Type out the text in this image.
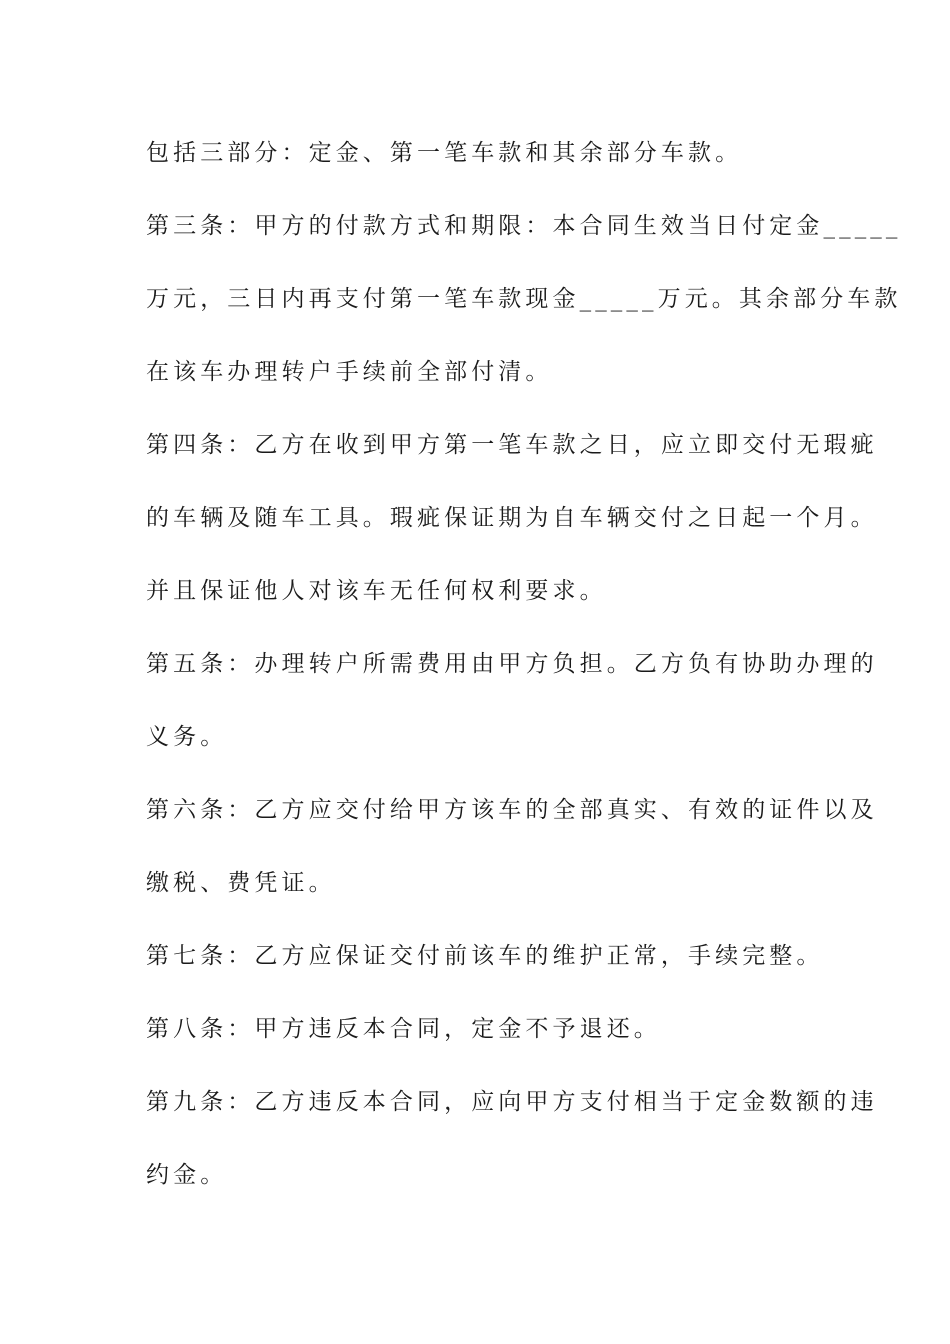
包括三部分：定金、第一笔车款和其余部分车款。
第三条：甲方的付款方式和期限：本合同生效当日付定金_____
万元，三日内再支付第一笔车款现金_____万元。其余部分车款
在该车办理转户手续前全部付清。
第四条：乙方在收到甲方第一笔车款之日，应立即交付无瑕疵
的车辆及随车工具。瑕疵保证期为自车辆交付之日起一个月。
并且保证他人对该车无任何权利要求。
第五条：办理转户所需费用由甲方负担。乙方负有协助办理的
义务。
第六条：乙方应交付给甲方该车的全部真实、有效的证件以及
缴税、费凭证。
第七条：乙方应保证交付前该车的维护正常，手续完整。
第八条：甲方违反本合同，定金不予退还。
第九条：乙方违反本合同，应向甲方支付相当于定金数额的违
约金。
